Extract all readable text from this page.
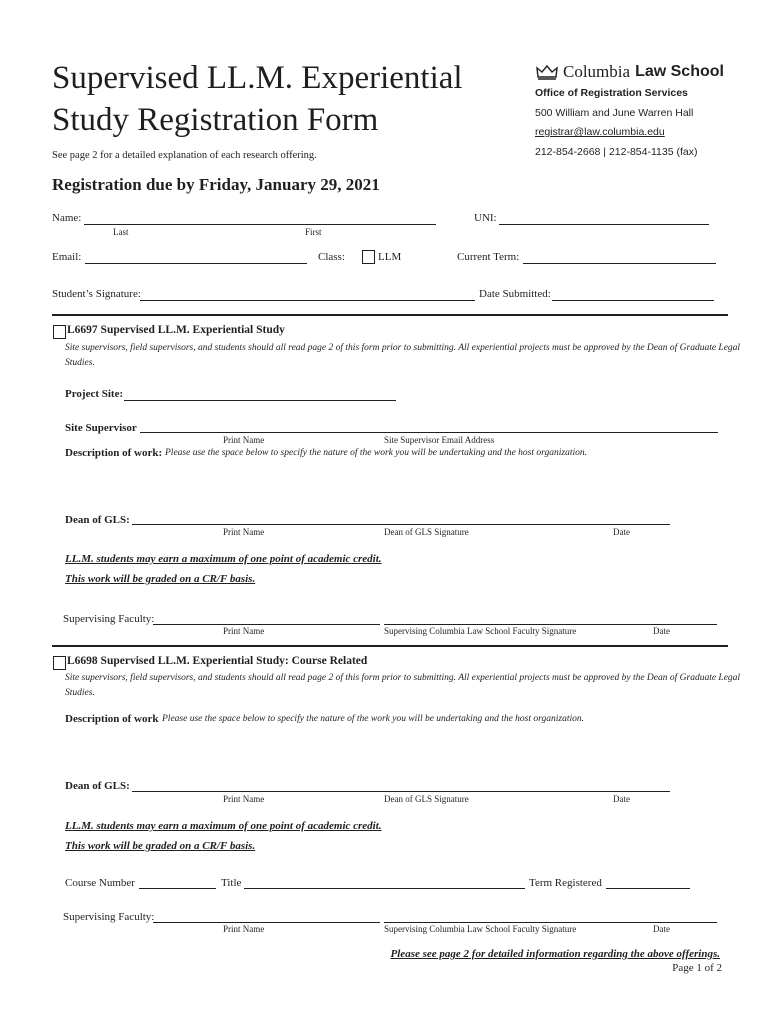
Supervised LL.M. Experiential
Study Registration Form
See page 2 for a detailed explanation of each research offering.
Columbia Law School
Office of Registration Services
500 William and June Warren Hall
registrar@law.columbia.edu
212-854-2668 | 212-854-1135 (fax)
Registration due by Friday, January 29, 2021
Name:
Last	First
UNI:
Email:	Class:	LLM	Current Term:
Student’s Signature:	Date Submitted:
L6697 Supervised LL.M. Experiential Study
Site supervisors, field supervisors, and students should all read page 2 of this form prior to submitting. All experiential projects must be approved by the Dean of Graduate Legal
Studies.
Project Site:
Site Supervisor
Print Name	Site Supervisor Email Address
Description of work: Please use the space below to specify the nature of the work you will be undertaking and the host organization.
Dean of GLS:
Print Name	Dean of GLS Signature	Date
LL.M. students may earn a maximum of one point of academic credit.
This work will be graded on a CR/F basis.
Supervising Faculty:
Print Name	Supervising Columbia Law School Faculty Signature	Date
L6698 Supervised LL.M. Experiential Study: Course Related
Site supervisors, field supervisors, and students should all read page 2 of this form prior to submitting. All experiential projects must be approved by the Dean of Graduate Legal
Studies.
Description of work Please use the space below to specify the nature of the work you will be undertaking and the host organization.
Dean of GLS:
Print Name	Dean of GLS Signature	Date
LL.M. students may earn a maximum of one point of academic credit.
This work will be graded on a CR/F basis.
Course Number	Title	Term Registered
Supervising Faculty:
Print Name	Supervising Columbia Law School Faculty Signature	Date
Please see page 2 for detailed information regarding the above offerings.
Page 1 of 2
